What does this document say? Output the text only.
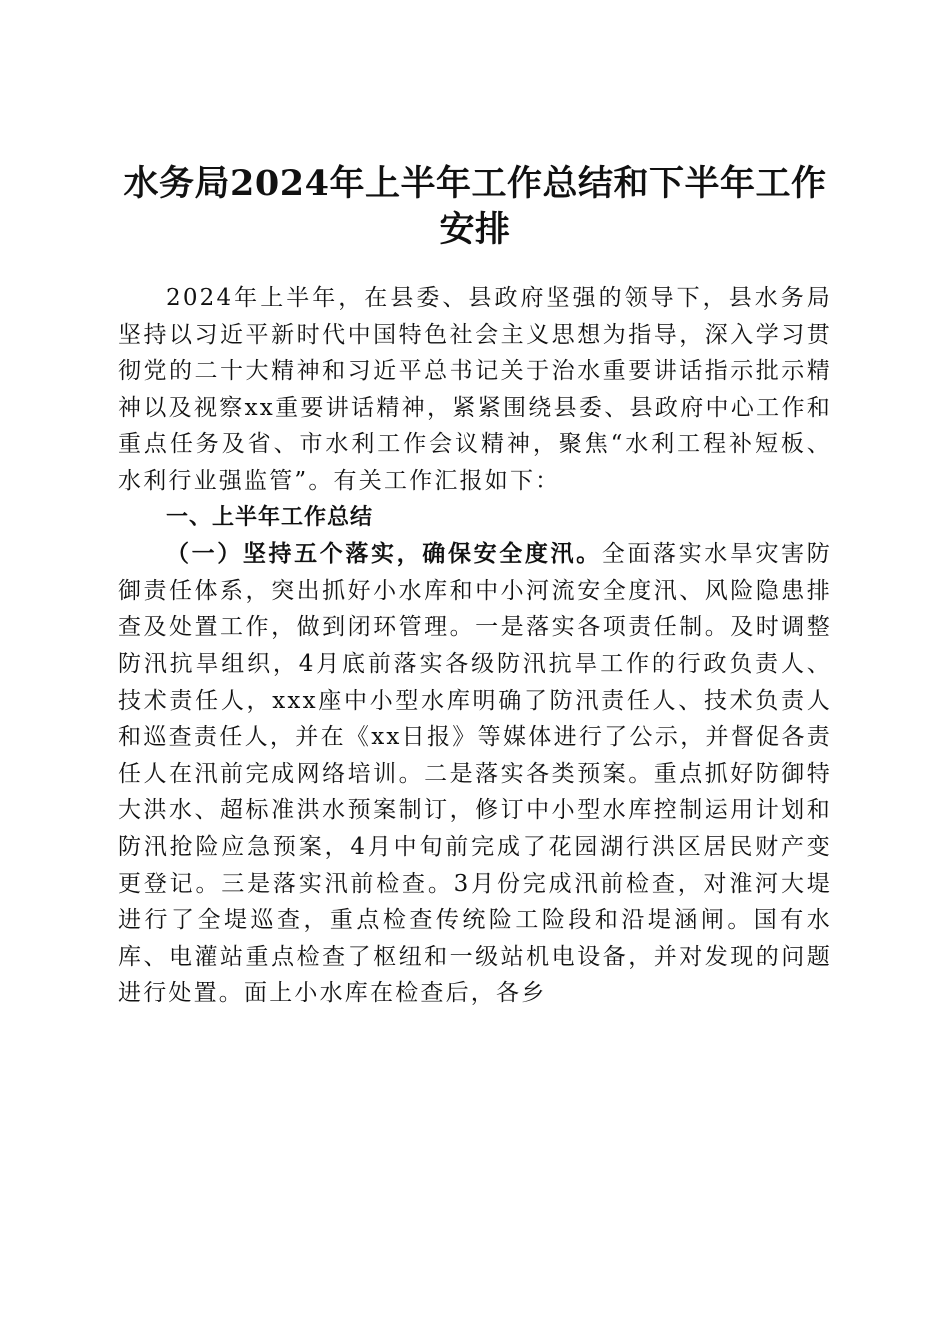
水务局2024年上半年工作总结和下半年工作
安排

2024年上半年，在县委、县政府坚强的领导下，县水务局坚持以习近平新时代中国特色社会主义思想为指导，深入学习贯彻党的二十大精神和习近平总书记关于治水重要讲话指示批示精神以及视察xx重要讲话精神，紧紧围绕县委、县政府中心工作和重点任务及省、市水利工作会议精神，聚焦“水利工程补短板、水利行业强监管”。有关工作汇报如下：

一、上半年工作总结

（一）坚持五个落实，确保安全度汛。全面落实水旱灾害防御责任体系，突出抓好小水库和中小河流安全度汛、风险隐患排查及处置工作，做到闭环管理。一是落实各项责任制。及时调整防汛抗旱组织，4月底前落实各级防汛抗旱工作的行政负责人、技术责任人，xxx座中小型水库明确了防汛责任人、技术负责人和巡查责任人，并在《xx日报》等媒体进行了公示，并督促各责任人在汛前完成网络培训。二是落实各类预案。重点抓好防御特大洪水、超标准洪水预案制订，修订中小型水库控制运用计划和防汛抢险应急预案，4月中旬前完成了花园湖行洪区居民财产变更登记。三是落实汛前检查。3月份完成汛前检查，对淮河大堤进行了全堤巡查，重点检查传统险工险段和沿堤涵闸。国有水库、电灌站重点检查了枢纽和一级站机电设备，并对发现的问题进行处置。面上小水库在检查后，各乡
